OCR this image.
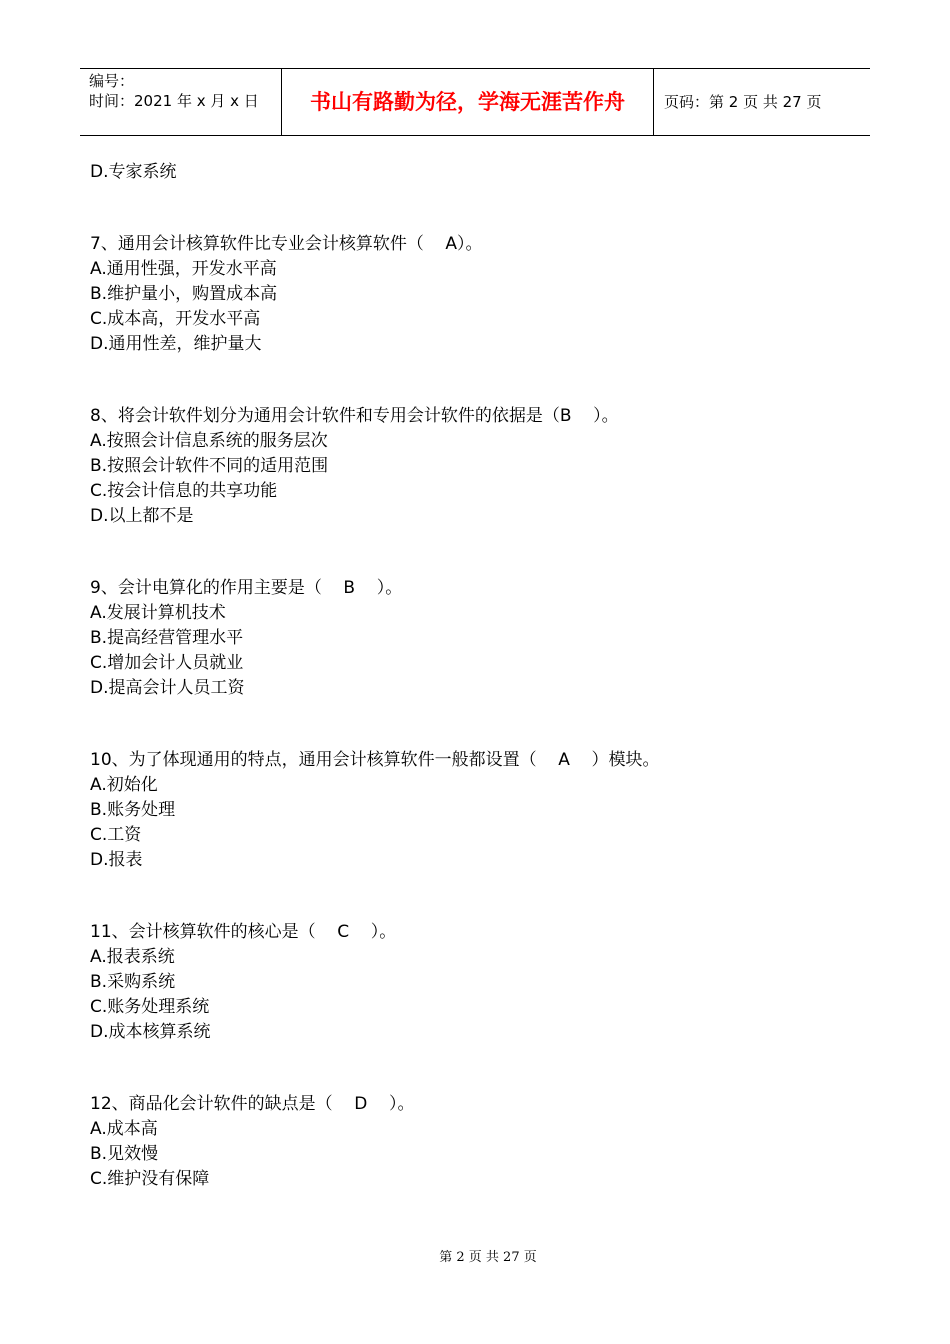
编号：
时间：2021 年 x 月 x 日	书山有路勤为径，学海无涯苦作舟	页码：第 2 页 共 27 页
D.专家系统
7、通用会计核算软件比专业会计核算软件（    A）。
A.通用性强，开发水平高
B.维护量小，购置成本高
C.成本高，开发水平高
D.通用性差，维护量大
8、将会计软件划分为通用会计软件和专用会计软件的依据是（B    ）。
A.按照会计信息系统的服务层次
B.按照会计软件不同的适用范围
C.按会计信息的共享功能
D.以上都不是
9、会计电算化的作用主要是（    B    ）。
A.发展计算机技术
B.提高经营管理水平
C.增加会计人员就业
D.提高会计人员工资
10、为了体现通用的特点，通用会计核算软件一般都设置（    A    ）模块。
A.初始化
B.账务处理
C.工资
D.报表
11、会计核算软件的核心是（    C    ）。
A.报表系统
B.采购系统
C.账务处理系统
D.成本核算系统
12、商品化会计软件的缺点是（    D    ）。
A.成本高
B.见效慢
C.维护没有保障
第 2 页 共 27 页
